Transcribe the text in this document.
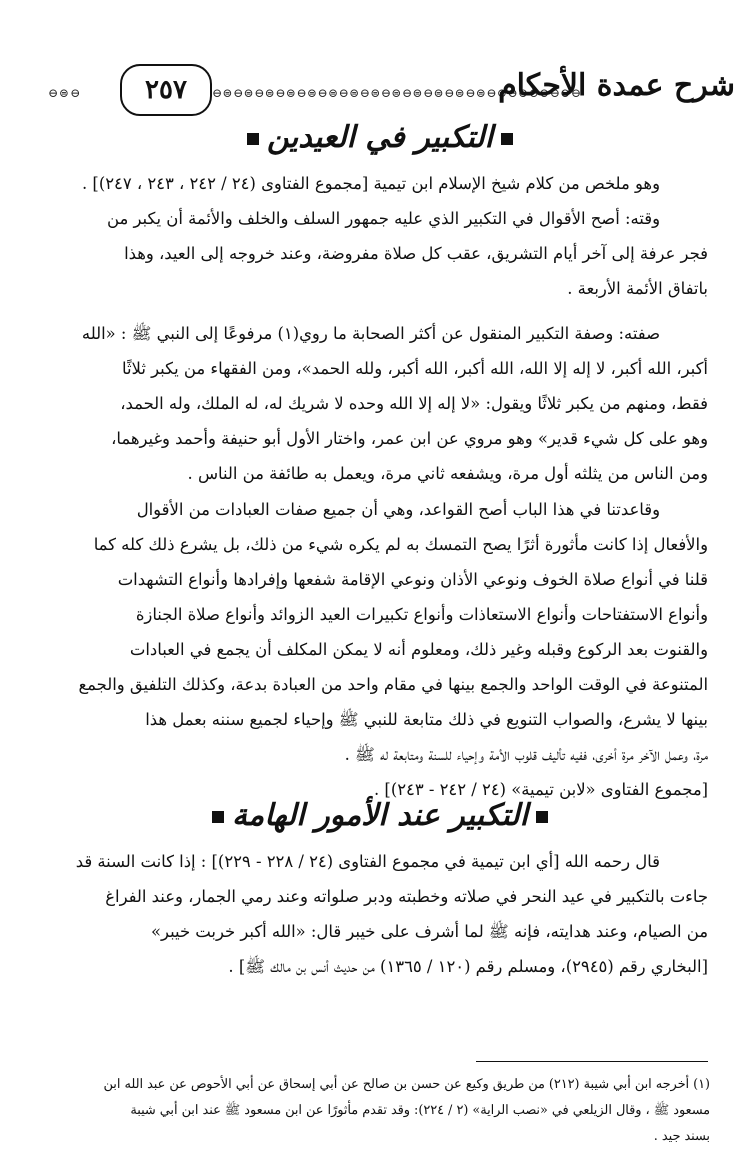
⊖⊜⊖	٢٥٧	⊖⊜⊖⊜⊖⊜⊖⊜⊖⊜⊖⊜⊖⊜⊖⊜⊖⊜⊖⊜⊖⊜⊖⊜⊖⊜⊖⊜⊖⊜⊖⊜⊖⊜⊖
شرح عمدة الأحكام
التكبير في العيدين

وهو ملخص من كلام شيخ الإسلام ابن تيمية [مجموع الفتاوى (٢٤ / ٢٤٢ ، ٢٤٣ ، ٢٤٧)] .

وقته: أصح الأقوال في التكبير الذي عليه جمهور السلف والخلف والأئمة أن يكبر من

فجر عرفة إلى آخر أيام التشريق، عقب كل صلاة مفروضة، وعند خروجه إلى العيد، وهذا

باتفاق الأئمة الأربعة .

صفته: وصفة التكبير المنقول عن أكثر الصحابة ما روي(١) مرفوعًا إلى النبي ﷺ : «الله

أكبر، الله أكبر، لا إله إلا الله، الله أكبر، الله أكبر، ولله الحمد»، ومن الفقهاء من يكبر ثلاثًا

فقط، ومنهم من يكبر ثلاثًا ويقول: «لا إله إلا الله وحده لا شريك له، له الملك، وله الحمد،

وهو على كل شيء قدير» وهو مروي عن ابن عمر، واختار الأول أبو حنيفة وأحمد وغيرهما،

ومن الناس من يثلثه أول مرة، ويشفعه ثاني مرة، ويعمل به طائفة من الناس .

وقاعدتنا في هذا الباب أصح القواعد، وهي أن جميع صفات العبادات من الأقوال

والأفعال إذا كانت مأثورة أثرًا يصح التمسك به لم يكره شيء من ذلك، بل يشرع ذلك كله كما

قلنا في أنواع صلاة الخوف ونوعي الأذان ونوعي الإقامة شفعها وإفرادها وأنواع التشهدات

وأنواع الاستفتاحات وأنواع الاستعاذات وأنواع تكبيرات العيد الزوائد وأنواع صلاة الجنازة

والقنوت بعد الركوع وقبله وغير ذلك، ومعلوم أنه لا يمكن المكلف أن يجمع في العبادات

المتنوعة في الوقت الواحد والجمع بينها في مقام واحد من العبادة بدعة، وكذلك التلفيق والجمع

بينها لا يشرع، والصواب التنويع في ذلك متابعة للنبي ﷺ وإحياء لجميع سننه بعمل هذا

مرة، وعمل الآخر مرة أخرى، ففيه تأليف قلوب الأمة وإحياء للسنة ومتابعة له ﷺ .

[مجموع الفتاوى «لابن تيمية» (٢٤ / ٢٤٢ - ٢٤٣)] .

التكبير عند الأمور الهامة

قال رحمه الله [أي ابن تيمية في مجموع الفتاوى (٢٤ / ٢٢٨ - ٢٢٩)] : إذا كانت السنة قد

جاءت بالتكبير في عيد النحر في صلاته وخطبته ودبر صلواته وعند رمي الجمار، وعند الفراغ

من الصيام، وعند هدايته، فإنه ﷺ لما أشرف على خيبر قال: «الله أكبر خربت خيبر»

[البخاري رقم (٢٩٤٥)، ومسلم رقم (١٢٠ / ١٣٦٥) من حديث أنس بن مالك ﷺ] .

(١) أخرجه ابن أبي شيبة (٢١٢) من طريق وكيع عن حسن بن صالح عن أبي إسحاق عن أبي الأحوص عن عبد الله ابن

مسعود ﷺ ، وقال الزيلعي في «نصب الراية» (٢ / ٢٢٤): وقد تقدم مأثورًا عن ابن مسعود ﷺ عند ابن أبي شيبة

بسند جيد .
